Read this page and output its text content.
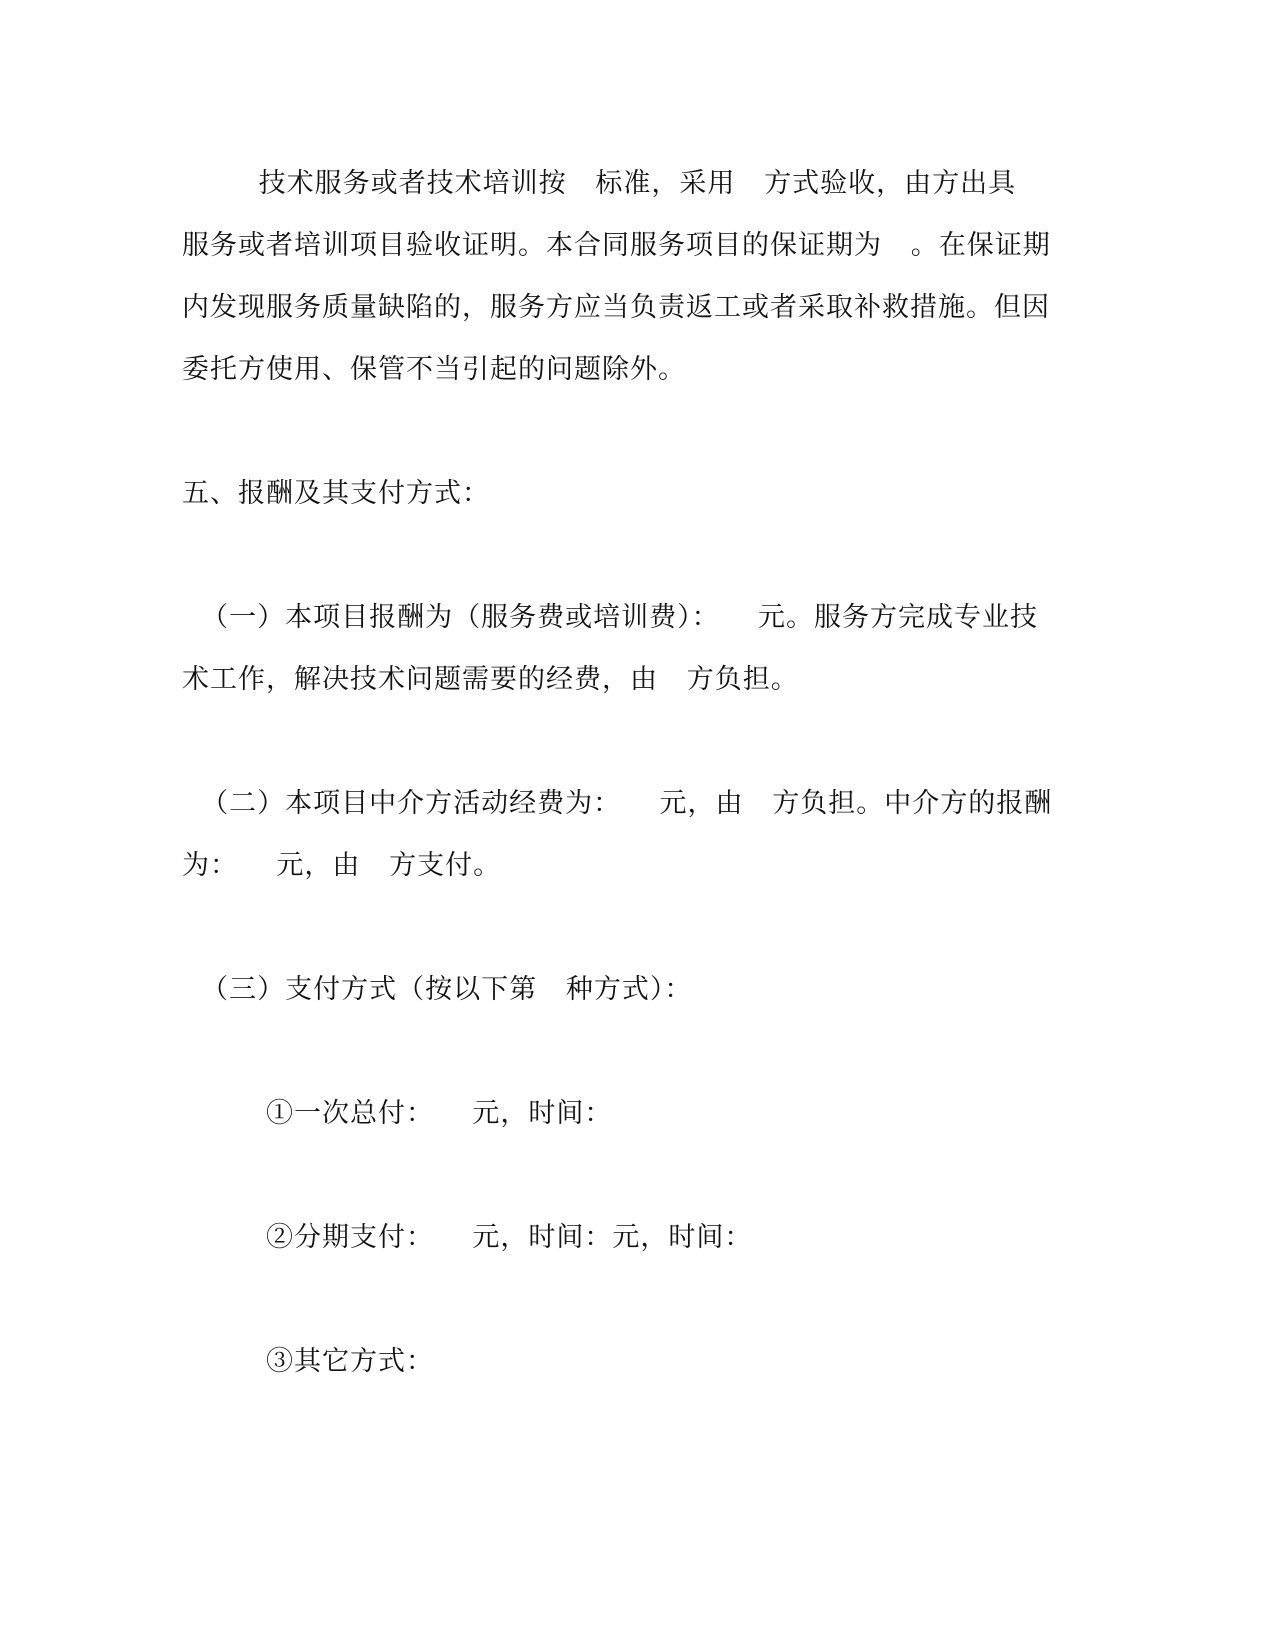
技术服务或者技术培训按   标准，采用   方式验收，由方出具
服务或者培训项目验收证明。本合同服务项目的保证期为   。在保证期
内发现服务质量缺陷的，服务方应当负责返工或者采取补救措施。但因
委托方使用、保管不当引起的问题除外。
五、报酬及其支付方式：
（一）本项目报酬为（服务费或培训费）：    元。服务方完成专业技
术工作，解决技术问题需要的经费，由   方负担。
（二）本项目中介方活动经费为：    元，由   方负担。中介方的报酬
为：    元，由   方支付。
（三）支付方式（按以下第   种方式）：
①一次总付：    元，时间：
②分期支付：    元，时间：元，时间：
③其它方式：
